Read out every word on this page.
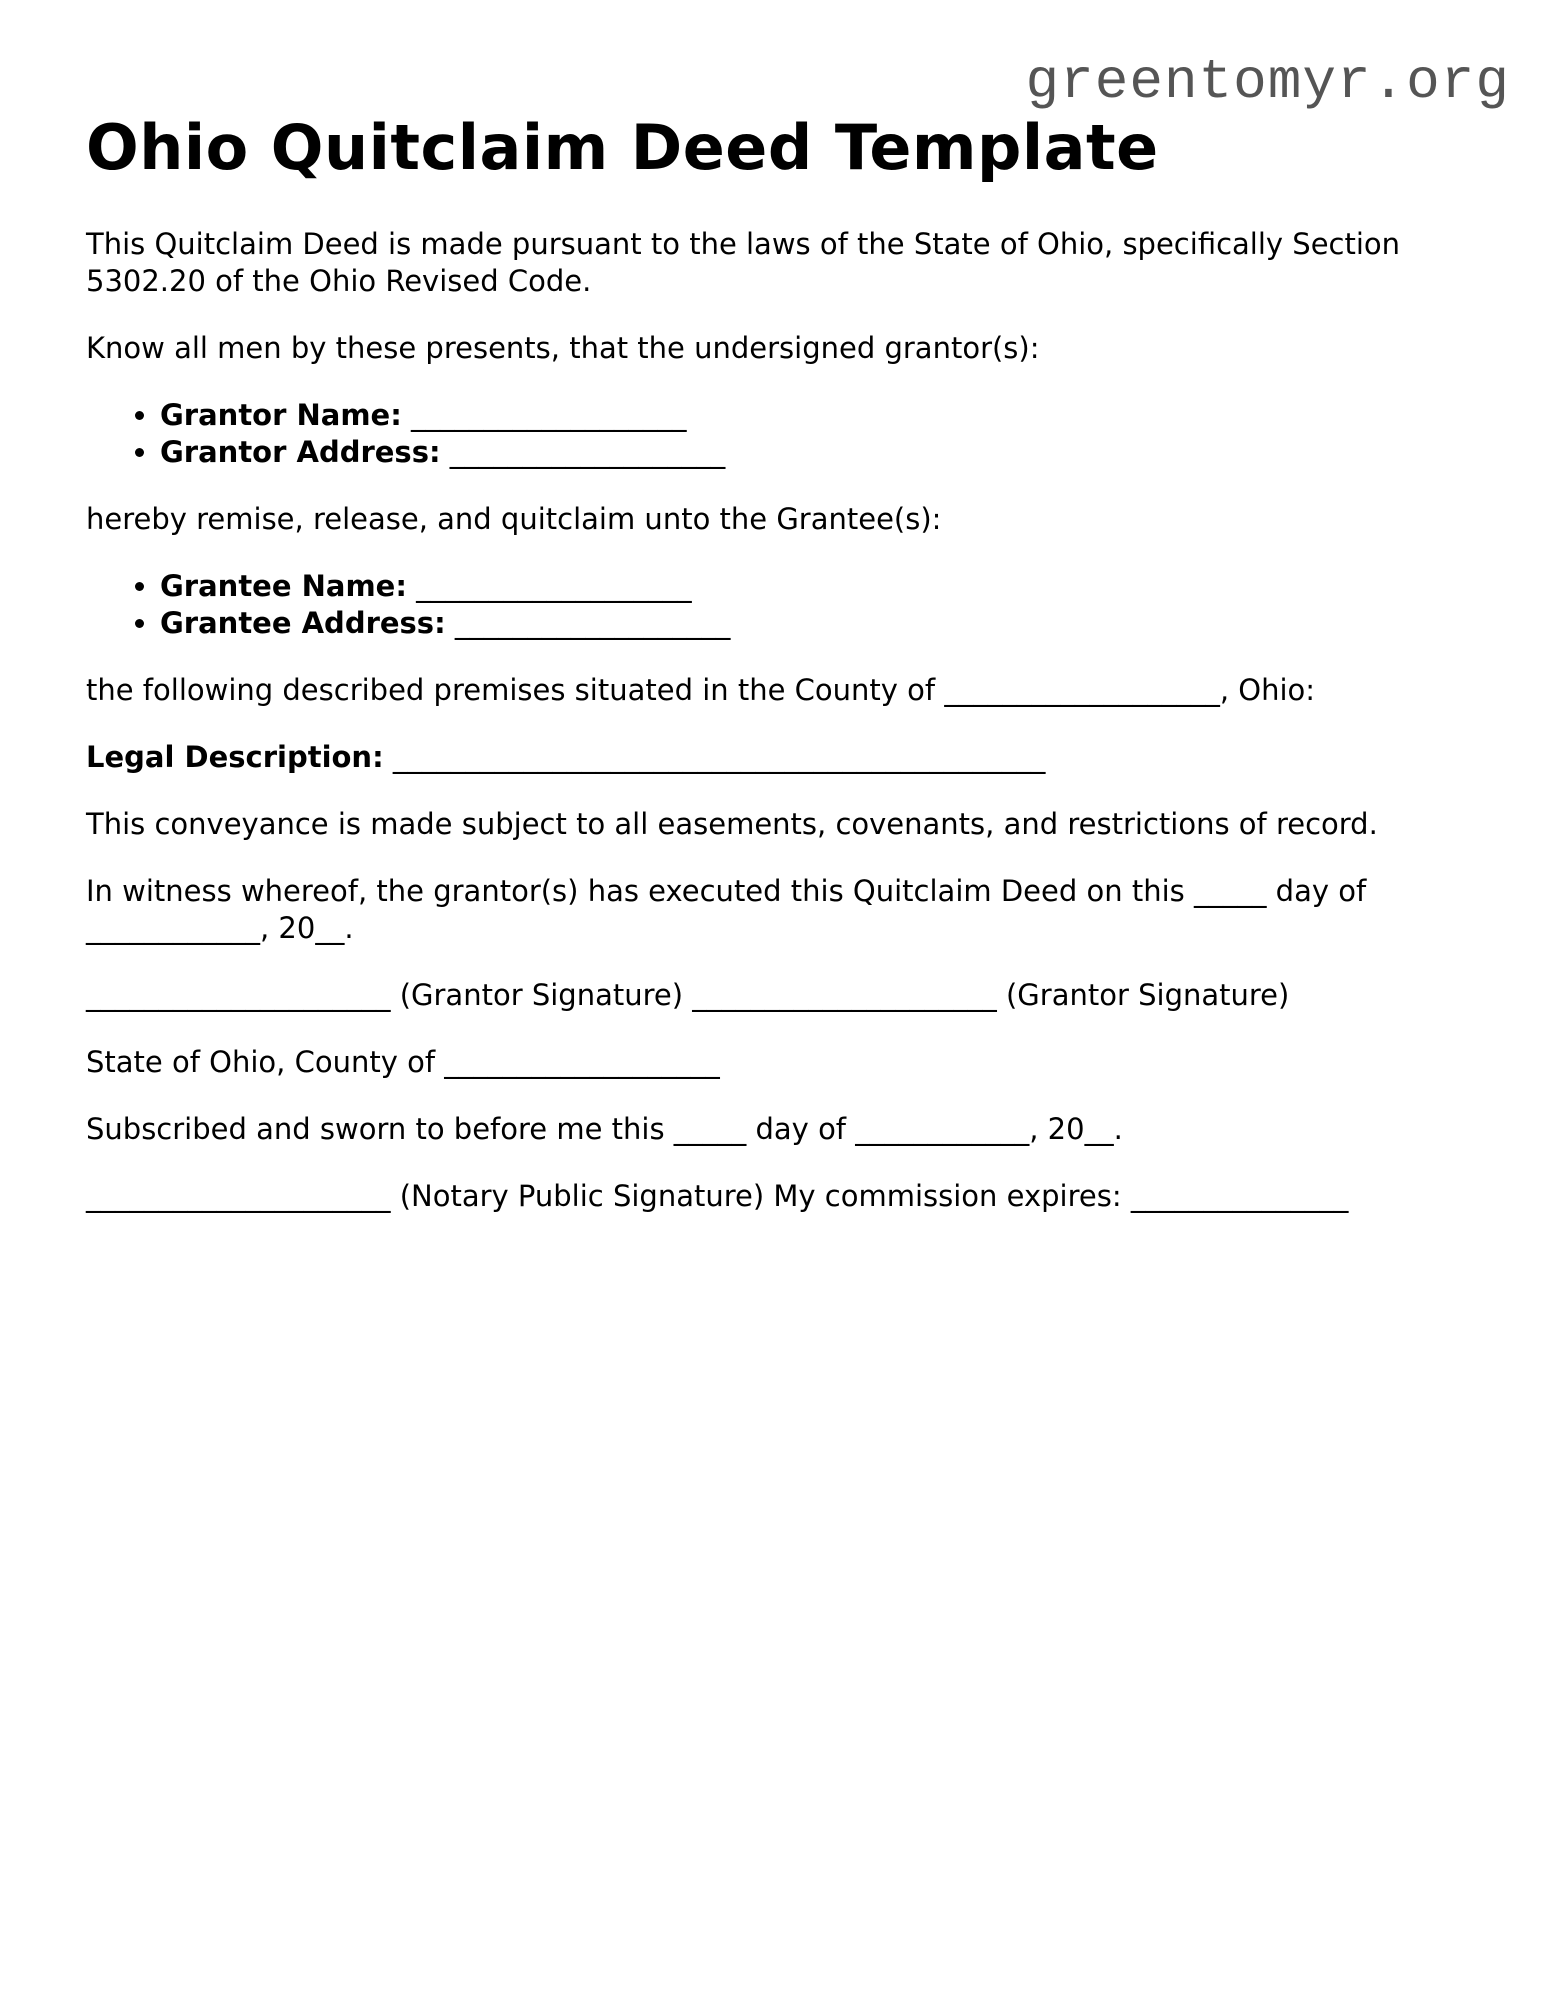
greentomyr.org
Ohio Quitclaim Deed Template

This Quitclaim Deed is made pursuant to the laws of the State of Ohio, specifically Section 5302.20 of the Ohio Revised Code.

Know all men by these presents, that the undersigned grantor(s):

• Grantor Name: ___________________
• Grantor Address: ___________________

hereby remise, release, and quitclaim unto the Grantee(s):

• Grantee Name: ___________________
• Grantee Address: ___________________

the following described premises situated in the County of ___________________, Ohio:

Legal Description: _____________________________________________

This conveyance is made subject to all easements, covenants, and restrictions of record.

In witness whereof, the grantor(s) has executed this Quitclaim Deed on this _____ day of ____________, 20__.

_____________________ (Grantor Signature) _____________________ (Grantor Signature)

State of Ohio, County of ___________________

Subscribed and sworn to before me this _____ day of ____________, 20__.

_____________________ (Notary Public Signature) My commission expires: _______________
